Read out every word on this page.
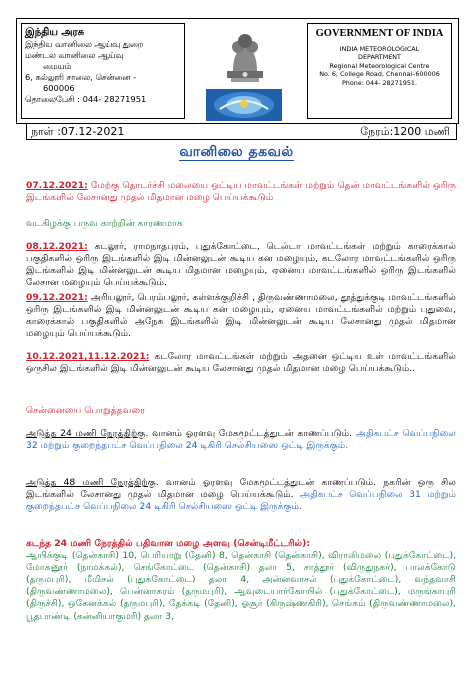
இந்திய அரசு
இந்திய வானிலை ஆய்வு துறை
மண்டல வானிலை ஆய்வு
மையம்
6, கல்லூரி சாலை, சென்னை -
600006
தொலைபேசி : 044- 28271951
GOVERNMENT OF INDIA
INDIA METEOROLOGICAL
DEPARTMENT
Regional Meteorological Centre
No. 6, College Road, Chennai–600006
Phone: 044- 28271951.
நாள் :07.12-2021	நேரம்:1200 மணி
வானிலை தகவல்
07.12.2021: மேற்கு தொடர்ச்சி மலையை ஒட்டிய மாவட்டங்கள் மற்றும் தென் மாவட்டங்களில் ஒரிரு இடங்களில் லேசானது முதல் மிதமான மழை பெய்யக்கூடும்
வடகிழக்கு பருவ காற்றின் காரணமாக
08.12.2021: கடலூர், ராமநாதபுரம், புதுக்கோட்டை, டெல்டா மாவட்டங்கள் மற்றும் காரைக்கால் பகுதிகளில் ஒரிரு இடங்களில் இடி மின்னலுடன் கூடிய கன மழையும், கடலோர மாவட்டங்களில் ஒரிரு இடங்களில் இடி மின்னலுடன் கூடிய மிதமான மழையும், ஏனைய மாவட்டங்களில் ஒரிரு இடங்களில் லேசான மழையும் பெய்யக்கூடும்.
09.12.2021: அரியலூர், பெரம்பலூர், கள்ளக்குறிச்சி , திருவண்ணாமலை, தூத்துக்குடி மாவட்டங்களில் ஒரிரு இடங்களில் இடி மின்னலுடன் கூடிய கன மழையும், ஏனைய மாவட்டங்களில் மற்றும் புதுவை, காரைக்கால் பகுதிகளில் அநேக இடங்களில் இடி மின்னலுடன் கூடிய லேசானது முதல் மிதமான மழையும் பெய்யக்கூடும்.
10.12.2021,11.12.2021: கடலோர மாவட்டங்கள் மற்றும் அதனை ஒட்டிய உள் மாவட்டங்களில் ஒருசில இடங்களில் இடி மின்னலுடன் கூடிய லேசானது முதல் மிதமான மழை பெய்யக்கூடும்..
சென்னையை பொறுத்தவரை
அடுத்த 24 மணி நேரத்திற்கு. வானம் ஓரளவு மேகமூட்டத்துடன் காணப்படும். அதிகபட்ச வெப்பநிலை 32 மற்றும் குறைந்தபட்ச வெப்பநிலை 24 டிகிரி செல்சியஸை ஒட்டி இருக்கும்.
அடுத்த 48 மணி நேரத்திற்கு. வானம் ஓரளவு மேகமூட்டத்துடன் காணப்படும். நகரின் ஒரு சில இடங்களில் லேசானது முதல் மிதமான மழை பெய்யக்கூடும். அதிகபட்ச வெப்பநிலை 31 மற்றும் குறைந்தபட்ச வெப்பநிலை 24 டிகிரி செல்சியஸை ஒட்டி இருக்கும்.
கடந்த 24 மணி நேரத்தில் பதிவான மழை அளவு (சென்டிமீட்டரில்):
ஆயிக்குடி (தென்காசி) 10, பெரியாறு (தேனி) 8, தென்காசி (தென்காசி), விராலிமலை (புதுக்கோட்டை), மோகனூர் (நாமக்கல்), செங்கோட்டை (தென்காசி) தலா 5, சாத்தூர் (விருதுநகர்), பாலக்கோடு (தருமபுரி), மீமிசல் (புதுக்கோட்டை) தலா 4, அன்னவாசல் (புதுக்கோட்டை), வந்தவாசி (திருவண்ணாமலை), பென்னாகரம் (தருமபுரி), ஆவுடையார்கோயில் (புதுக்கோட்டை), மருங்காபுரி (திருச்சி), ஒகேனக்கல் (தருமபுரி), தேக்கடி (தேனி), ஓசூர் (கிருஷ்ணகிரி), செங்கம் (திருவண்ணாமலை), பூதபாண்டி (கன்னியாகுமரி) தலா 3,
